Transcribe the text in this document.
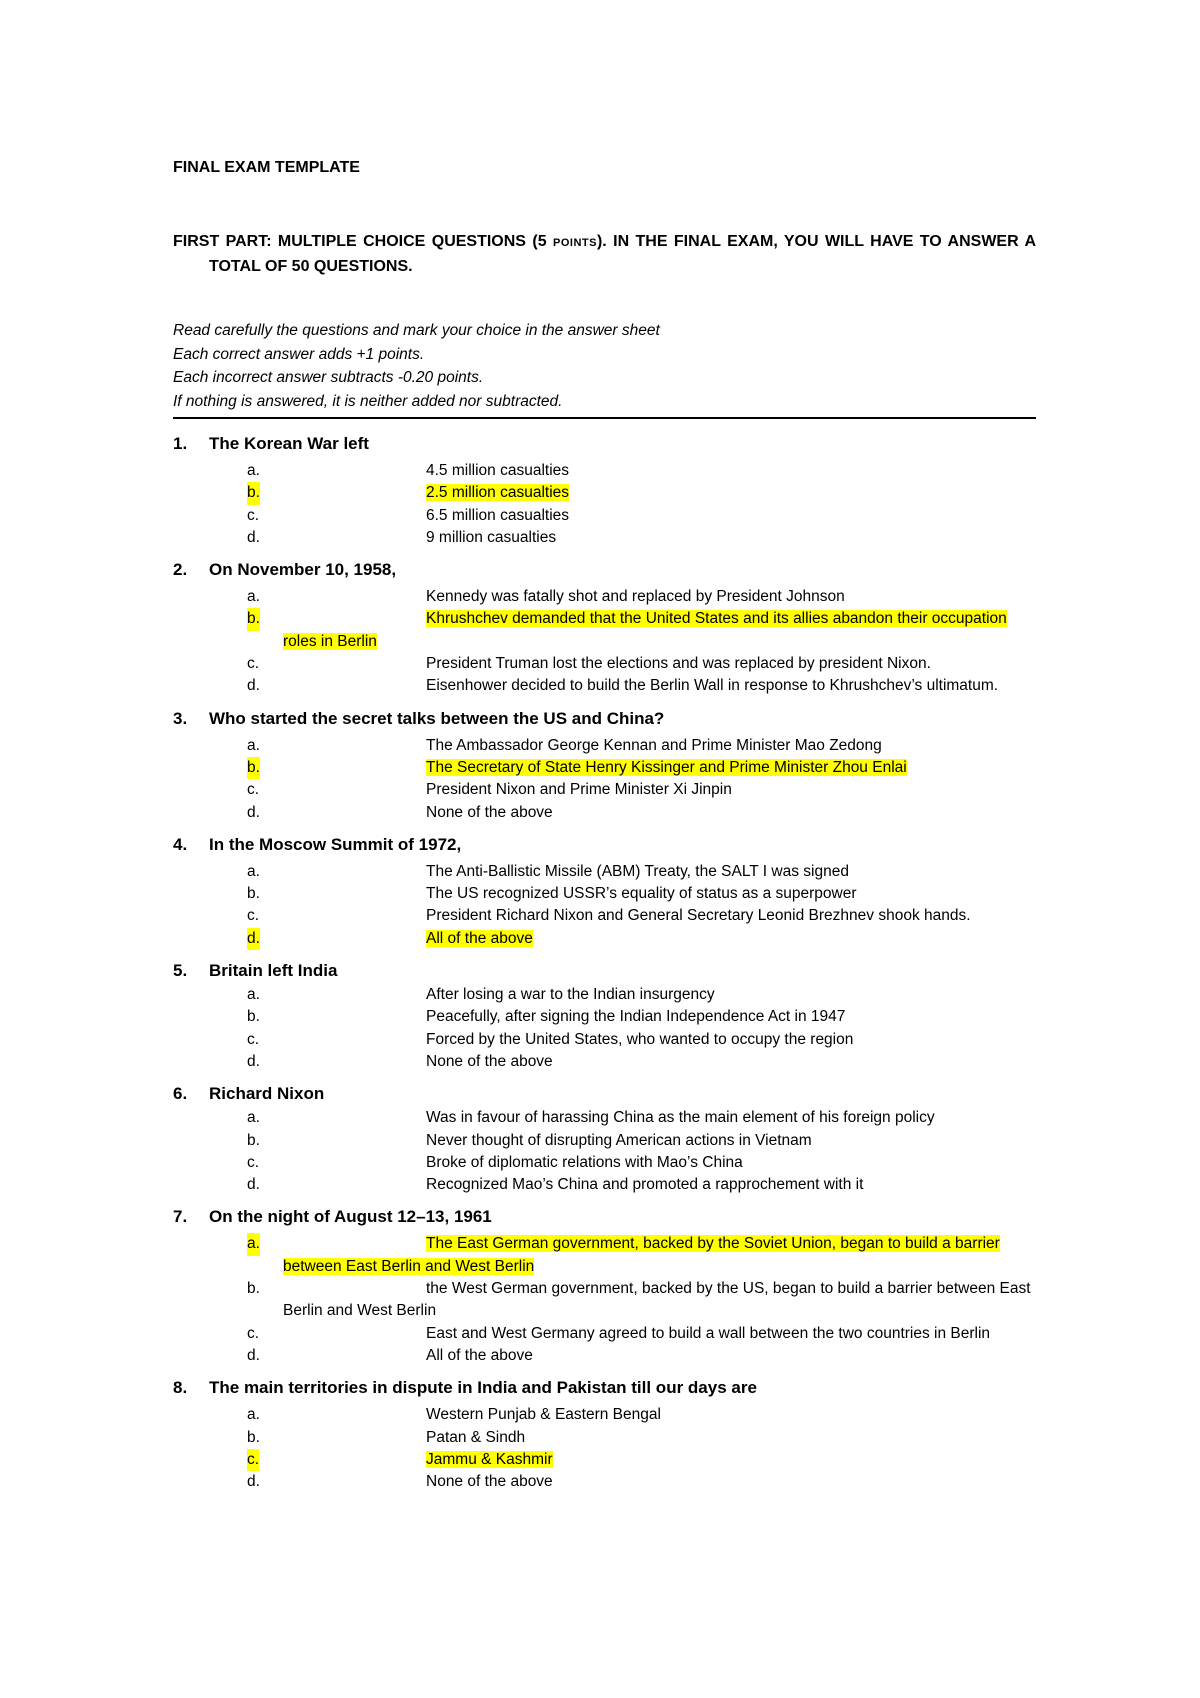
FINAL EXAM TEMPLATE

FIRST PART: MULTIPLE CHOICE QUESTIONS (5 POINTS). IN THE FINAL EXAM, YOU WILL HAVE TO ANSWER A TOTAL OF 50 QUESTIONS.

Read carefully the questions and mark your choice in the answer sheet
Each correct answer adds +1 points.
Each incorrect answer subtracts -0.20 points.
If nothing is answered, it is neither added nor subtracted.
1.	The Korean War left
a.	4.5 million casualties
b.	2.5 million casualties
c.	6.5 million casualties
d.	9 million casualties
2.	On November 10, 1958,
a.	Kennedy was fatally shot and replaced by President Johnson
b.	Khrushchev demanded that the United States and its allies abandon their occupation roles in Berlin
c.	President Truman lost the elections and was replaced by president Nixon.
d.	Eisenhower decided to build the Berlin Wall in response to Khrushchev’s ultimatum.
3.	Who started the secret talks between the US and China?
a.	The Ambassador George Kennan and Prime Minister Mao Zedong
b.	The Secretary of State Henry Kissinger and Prime Minister Zhou Enlai
c.	President Nixon and Prime Minister Xi Jinpin
d.	None of the above
4.	In the Moscow Summit of 1972,
a.	The Anti-Ballistic Missile (ABM) Treaty, the SALT I was signed
b.	The US recognized USSR’s equality of status as a superpower
c.	President Richard Nixon and General Secretary Leonid Brezhnev shook hands.
d.	All of the above
5.	Britain left India
a.	After losing a war to the Indian insurgency
b.	Peacefully, after signing the Indian Independence Act in 1947
c.	Forced by the United States, who wanted to occupy the region
d.	None of the above
6.	Richard Nixon
a.	Was in favour of harassing China as the main element of his foreign policy
b.	Never thought of disrupting American actions in Vietnam
c.	Broke of diplomatic relations with Mao’s China
d.	Recognized Mao’s China and promoted a rapprochement with it
7.	On the night of August 12–13, 1961
a.	The East German government, backed by the Soviet Union, began to build a barrier between East Berlin and West Berlin
b.	the West German government, backed by the US, began to build a barrier between East Berlin and West Berlin
c.	East and West Germany agreed to build a wall between the two countries in Berlin
d.	All of the above
8.	The main territories in dispute in India and Pakistan till our days are
a.	Western Punjab & Eastern Bengal
b.	Patan & Sindh
c.	Jammu & Kashmir
d.	None of the above
